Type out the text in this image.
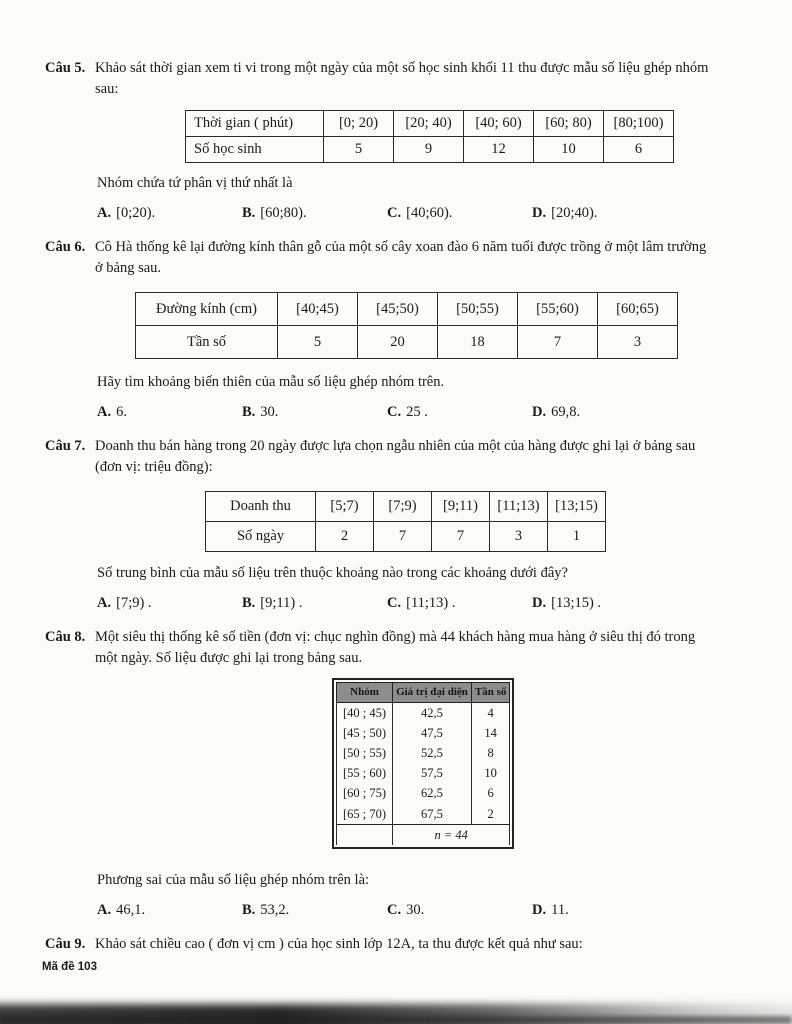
Câu 5. Khảo sát thời gian xem ti vi trong một ngày của một số học sinh khối 11 thu được mẫu số liệu ghép nhóm sau:
Thời gian ( phút)	[0; 20)	[20; 40)	[40; 60)	[60; 80)	[80;100)
Số học sinh	5	9	12	10	6
Nhóm chứa tứ phân vị thứ nhất là
A. [0;20).	B. [60;80).	C. [40;60).	D. [20;40).
Câu 6. Cô Hà thống kê lại đường kính thân gỗ của một số cây xoan đào 6 năm tuổi được trồng ở một lâm trường ở bảng sau.
Đường kính (cm)	[40;45)	[45;50)	[50;55)	[55;60)	[60;65)
Tần số	5	20	18	7	3
Hãy tìm khoảng biến thiên của mẫu số liệu ghép nhóm trên.
A. 6.	B. 30.	C. 25 .	D. 69,8.
Câu 7. Doanh thu bán hàng trong 20 ngày được lựa chọn ngẫu nhiên của một của hàng được ghi lại ở bảng sau (đơn vị: triệu đồng):
Doanh thu	[5;7)	[7;9)	[9;11)	[11;13)	[13;15)
Số ngày	2	7	7	3	1
Số trung bình của mẫu số liệu trên thuộc khoảng nào trong các khoảng dưới đây?
A. [7;9) .	B. [9;11) .	C. [11;13) .	D. [13;15) .
Câu 8. Một siêu thị thống kê số tiền (đơn vị: chục nghìn đồng) mà 44 khách hàng mua hàng ở siêu thị đó trong một ngày. Số liệu được ghi lại trong bảng sau.
Nhóm	Giá trị đại diện	Tần số
[40 ; 45)	42,5	4
[45 ; 50)	47,5	14
[50 ; 55)	52,5	8
[55 ; 60)	57,5	10
[60 ; 75)	62,5	6
[65 ; 70)	67,5	2
	n = 44	
Phương sai của mẫu số liệu ghép nhóm trên là:
A. 46,1.	B. 53,2.	C. 30.	D. 11.
Câu 9. Khảo sát chiều cao ( đơn vị cm ) của học sinh lớp 12A, ta thu được kết quả như sau:
Mã đề 103
